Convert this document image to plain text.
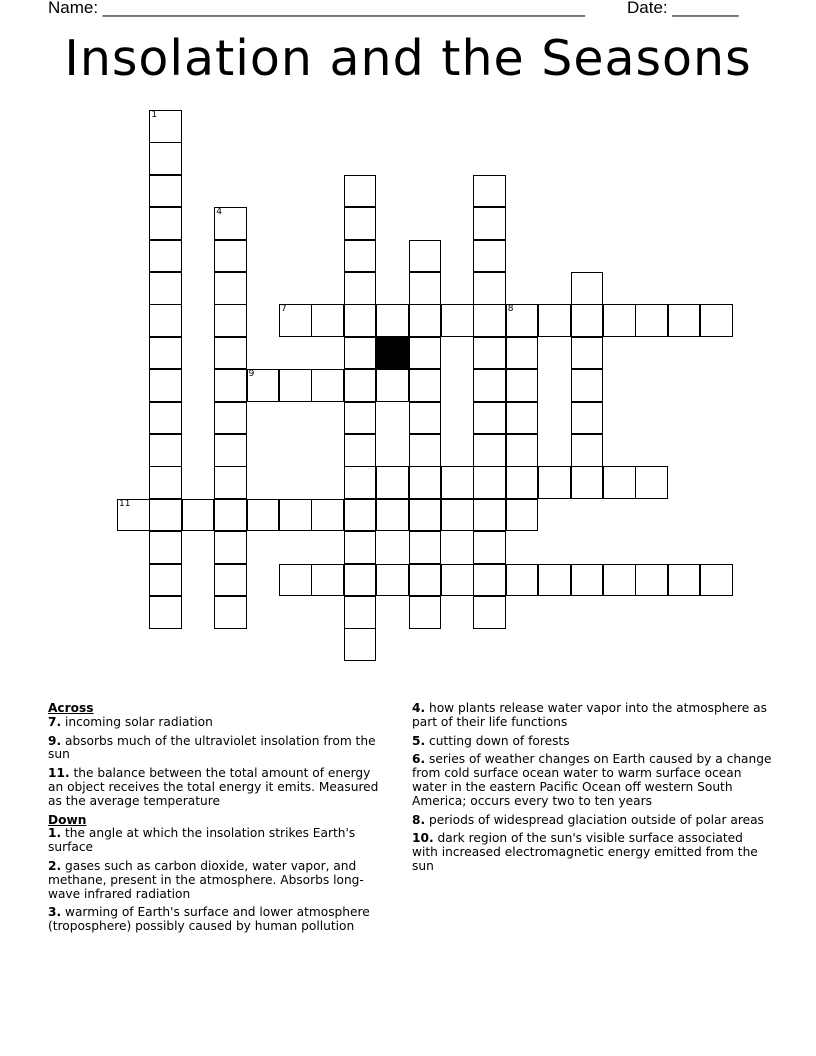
Name: ___________________________________________________ Date: _______
Insolation and the Seasons
1
4
7	8
9
11
Across
7. incoming solar radiation
9. absorbs much of the ultraviolet insolation from the sun
11. the balance between the total amount of energy an object receives the total energy it emits. Measured as the average temperature
Down
1. the angle at which the insolation strikes Earth's surface
2. gases such as carbon dioxide, water vapor, and methane, present in the atmosphere. Absorbs long-wave infrared radiation
3. warming of Earth's surface and lower atmosphere (troposphere) possibly caused by human pollution
4. how plants release water vapor into the atmosphere as part of their life functions
5. cutting down of forests
6. series of weather changes on Earth caused by a change from cold surface ocean water to warm surface ocean water in the eastern Pacific Ocean off western South America; occurs every two to ten years
8. periods of widespread glaciation outside of polar areas
10. dark region of the sun's visible surface associated with increased electromagnetic energy emitted from the sun
